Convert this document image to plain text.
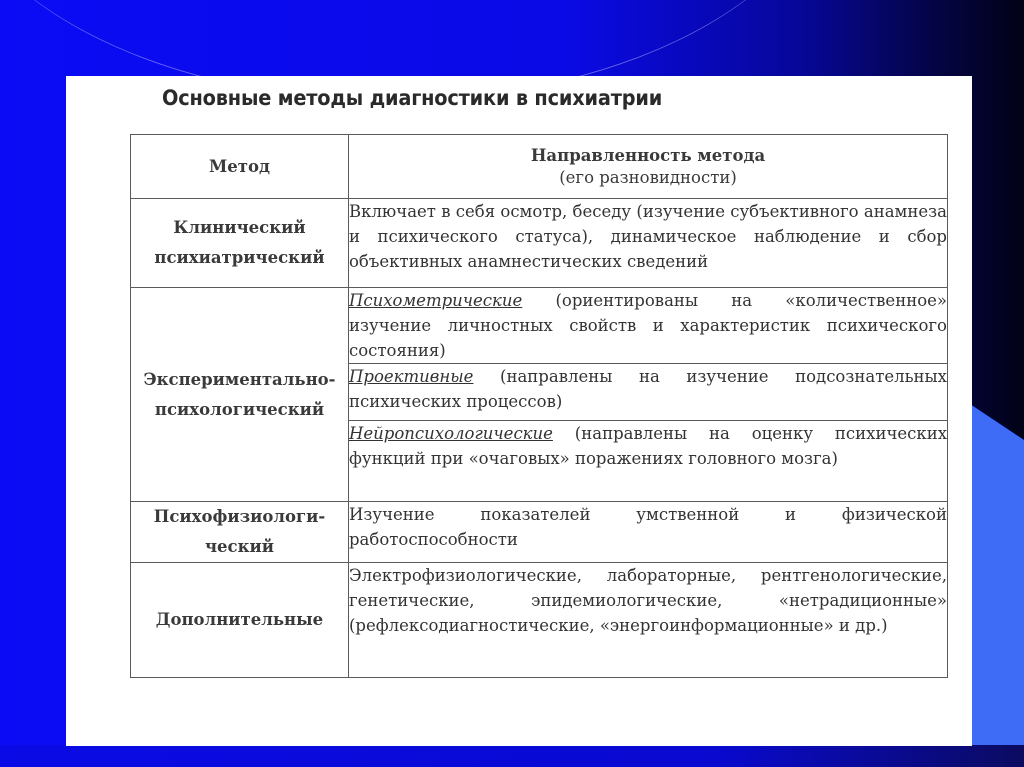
Основные методы диагностики в психиатрии
Метод	Направленность метода
(его разновидности)

Клинический
психиатрический	Включает в себя осмотр, беседу (изучение субъективного анамнеза и психического статуса), динамическое наблюдение и сбор объективных анамнестических сведений
Экспериментально-
психологический	Психометрические (ориентированы на «количественное» изучение личностных свойств и характеристик психического состояния)
	Проективные (направлены на изучение подсознательных психических процессов)
	Нейропсихологические (направлены на оценку психических функций при «очаговых» поражениях головного мозга)
Психофизиологи-
ческий	Изучение показателей умственной и физической работоспособности
Дополнительные	Электрофизиологические, лабораторные, рентгенологические, генетические, эпидемиологические, «нетрадиционные» (рефлексодиагностические, «энергоинформационные» и др.)
